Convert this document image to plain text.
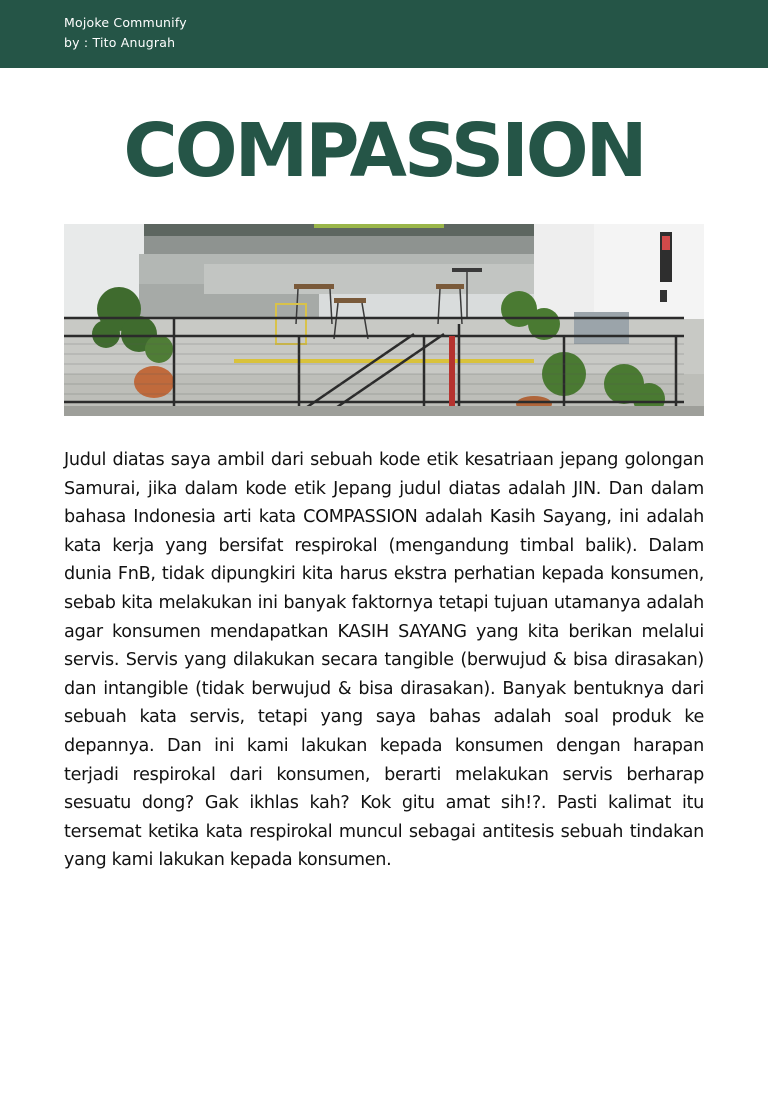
Mojoke Communify
by : Tito Anugrah
COMPASSION

Judul diatas saya ambil dari sebuah kode etik kesatriaan jepang golongan Samurai, jika dalam kode etik Jepang judul diatas adalah JIN. Dan dalam bahasa Indonesia arti kata COMPASSION adalah Kasih Sayang, ini adalah kata kerja yang bersifat respirokal (mengandung timbal balik). Dalam dunia FnB, tidak dipungkiri kita harus ekstra perhatian kepada konsumen, sebab kita melakukan ini banyak faktornya tetapi tujuan utamanya adalah agar konsumen mendapatkan KASIH SAYANG yang kita berikan melalui servis. Servis yang dilakukan secara tangible (berwujud & bisa dirasakan) dan intangible (tidak berwujud & bisa dirasakan). Banyak bentuknya dari sebuah kata servis, tetapi yang saya bahas adalah soal produk ke depannya. Dan ini kami lakukan kepada konsumen dengan harapan terjadi respirokal dari konsumen, berarti melakukan servis berharap sesuatu dong? Gak ikhlas kah? Kok gitu amat sih!?. Pasti kalimat itu tersemat ketika kata respirokal muncul sebagai antitesis sebuah tindakan yang kami lakukan kepada konsumen.
